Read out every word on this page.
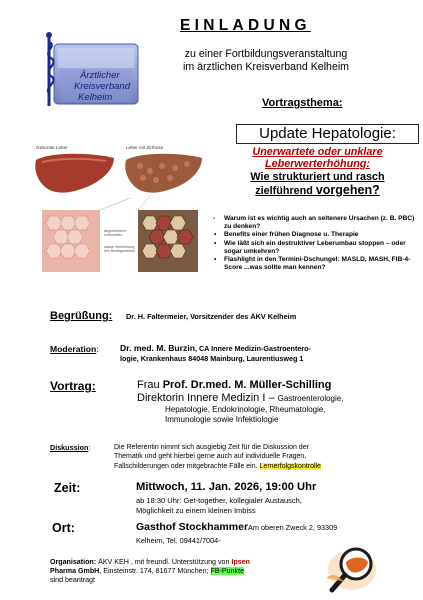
Ärztlicher
Kreisverband
Kelheim
EINLADUNG
zu einer Fortbildungsveranstaltung
im ärztlichen Kreisverband Kelheim
Vortragsthema:
Gesunde Leber	Leber mit Zirrhose
abgestorbene
Leberzellen
starke Vermehrung
des Bindegewebes
Update Hepatologie:
Unerwartete oder unklare
Leberwerterhöhung:
Wie strukturiert und rasch
zielführend vorgehen?
- Warum ist es wichtig auch an seltenere Ursachen (z. B. PBC) zu denken?
• Benefits einer frühen Diagnose u. Therapie
• Wie läßt sich ein destruktiver Leberumbau stoppen – oder sogar umkehren?
• Flashlight in den Termini-Dschungel: MASLD, MASH, FIB-4-Score ...was sollte man kennen?
Begrüßung: Dr. H. Faltermeier, Vorsitzender des ÄKV Kelheim
Moderation: Dr. med. M. Burzin, CA Innere Medizin-Gastroentero-
logie, Krankenhaus 84048 Mainburg, Laurentiusweg 1
Vortrag:	Frau Prof. Dr.med. M. Müller-Schilling
Direktorin Innere Medizin I – Gastroenterologie,
Hepatologie, Endokrinologie, Rheumatologie,
Immunologie sowie Infektiologie
Diskussion:	Die Referentin nimmt sich ausgiebig Zeit für die Diskussion der
Thematik und geht hierbei gerne auch auf individuelle Fragen,
Fallschilderungen oder mitgebrachte Fälle ein. Lernerfolgskontrolle
Zeit:	Mittwoch, 11. Jan. 2026, 19:00 Uhr
ab 18:30 Uhr: Get-together, kollegialer Austausch,
Möglichkeit zu einem kleinen Imbiss
Ort:	Gasthof Stockhammer Am oberen Zweck 2, 93309
Kelheim, Tel. 09441/7004-
Organisation: ÄKV KEH , mit freundl. Unterstützung von Ipsen
Pharma GmbH, Einsteinstr. 174, 81677 München; FB-Punkte
sind beantragt
